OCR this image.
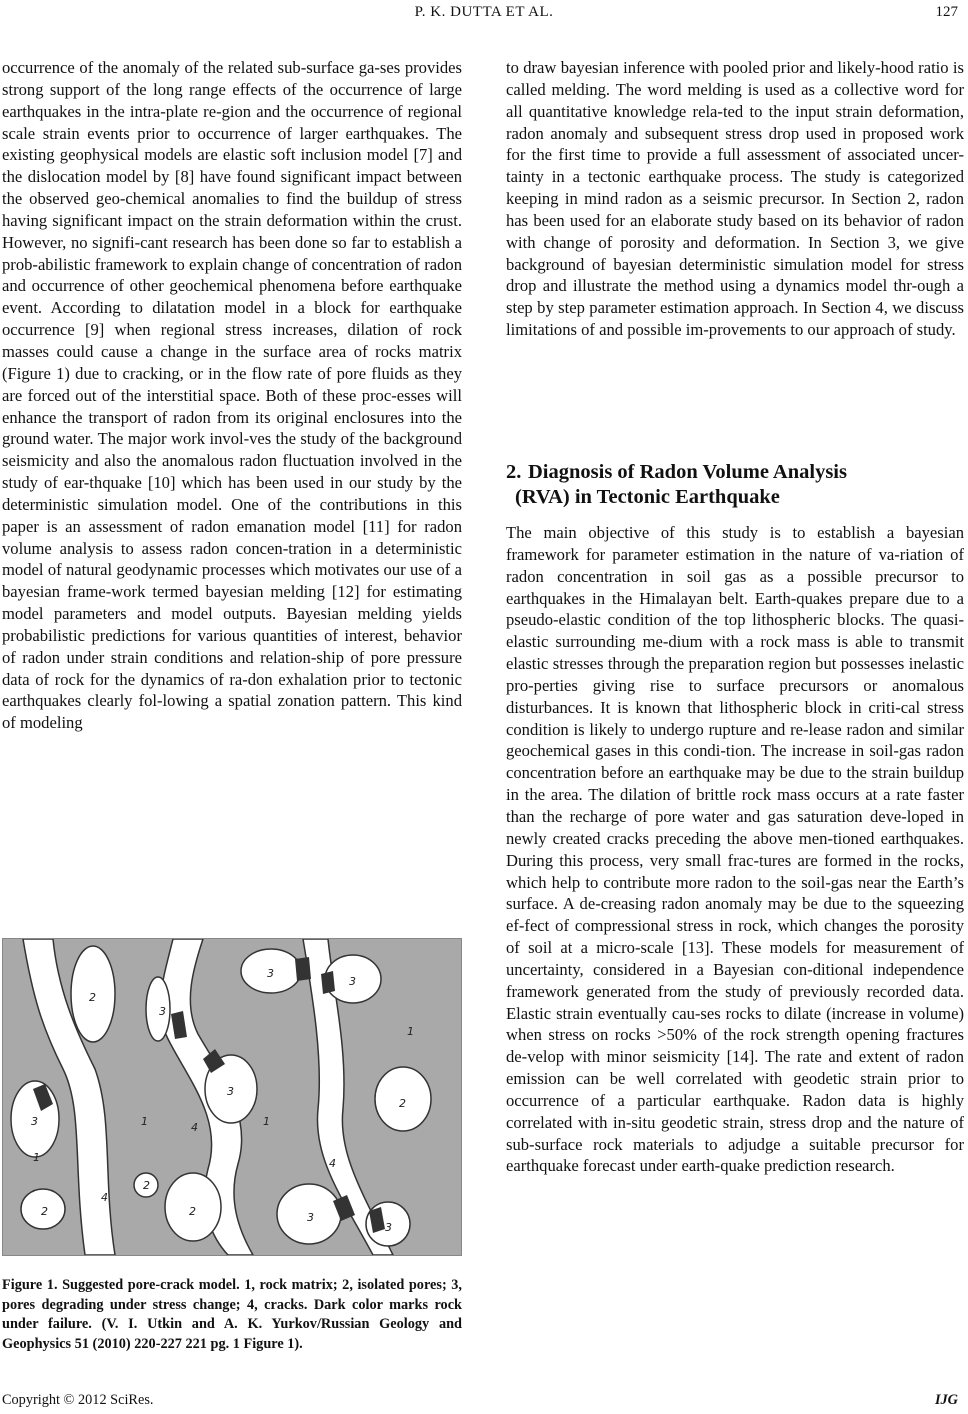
P. K. DUTTA ET AL.	127

occurrence of the anomaly of the related sub-surface ga-ses provides strong support of the long range effects of the occurrence of large earthquakes in the intra-plate re-gion and the occurrence of regional scale strain events prior to occurrence of larger earthquakes. The existing geophysical models are elastic soft inclusion model [7] and the dislocation model by [8] have found significant impact between the observed geo-chemical anomalies to find the buildup of stress having significant impact on the strain deformation within the crust. However, no signifi-cant research has been done so far to establish a prob-abilistic framework to explain change of concentration of radon and occurrence of other geochemical phenomena before earthquake event. According to dilatation model in a block for earthquake occurrence [9] when regional stress increases, dilation of rock masses could cause a change in the surface area of rocks matrix (Figure 1) due to cracking, or in the flow rate of pore fluids as they are forced out of the interstitial space. Both of these proc-esses will enhance the transport of radon from its original enclosures into the ground water. The major work invol-ves the study of the background seismicity and also the anomalous radon fluctuation involved in the study of ear-thquake [10] which has been used in our study by the deterministic simulation model. One of the contributions in this paper is an assessment of radon emanation model [11] for radon volume analysis to assess radon concen-tration in a deterministic model of natural geodynamic processes which motivates our use of a bayesian frame-work termed bayesian melding [12] for estimating model parameters and model outputs. Bayesian melding yields probabilistic predictions for various quantities of interest, behavior of radon under strain conditions and relation-ship of pore pressure data of rock for the dynamics of ra-don exhalation prior to tectonic earthquakes clearly fol-lowing a spatial zonation pattern. This kind of modeling

2
3
3
3
3
1
2
3	1	4	1
1
4
2
4
2	2	3
3
Figure 1. Suggested pore-crack model. 1, rock matrix; 2, isolated pores; 3, pores degrading under stress change; 4, cracks. Dark color marks rock under failure. (V. I. Utkin and A. K. Yurkov/Russian Geology and Geophysics 51 (2010) 220-227 221 pg. 1 Figure 1).

to draw bayesian inference with pooled prior and likely-hood ratio is called melding. The word melding is used as a collective word for all quantitative knowledge rela-ted to the input strain deformation, radon anomaly and subsequent stress drop used in proposed work for the first time to provide a full assessment of associated uncer-tainty in a tectonic earthquake process. The study is categorized keeping in mind radon as a seismic precursor. In Section 2, radon has been used for an elaborate study based on its behavior of radon with change of porosity and deformation. In Section 3, we give background of bayesian deterministic simulation model for stress drop and illustrate the method using a dynamics model thr-ough a step by step parameter estimation approach. In Section 4, we discuss limitations of and possible im-provements to our approach of study.

2. Diagnosis of Radon Volume Analysis
(RVA) in Tectonic Earthquake

The main objective of this study is to establish a bayesian framework for parameter estimation in the nature of va-riation of radon concentration in soil gas as a possible precursor to earthquakes in the Himalayan belt. Earth-quakes prepare due to a pseudo-elastic condition of the top lithospheric blocks. The quasi-elastic surrounding me-dium with a rock mass is able to transmit elastic stresses through the preparation region but possesses inelastic pro-perties giving rise to surface precursors or anomalous disturbances. It is known that lithospheric block in criti-cal stress condition is likely to undergo rupture and re-lease radon and similar geochemical gases in this condi-tion. The increase in soil-gas radon concentration before an earthquake may be due to the strain buildup in the area. The dilation of brittle rock mass occurs at a rate faster than the recharge of pore water and gas saturation deve-loped in newly created cracks preceding the above men-tioned earthquakes. During this process, very small frac-tures are formed in the rocks, which help to contribute more radon to the soil-gas near the Earth’s surface. A de-creasing radon anomaly may be due to the squeezing ef-fect of compressional stress in rock, which changes the porosity of soil at a micro-scale [13]. These models for measurement of uncertainty, considered in a Bayesian con-ditional independence framework generated from the study of previously recorded data. Elastic strain eventually cau-ses rocks to dilate (increase in volume) when stress on rocks >50% of the rock strength opening fractures de-velop with minor seismicity [14]. The rate and extent of radon emission can be well correlated with geodetic strain prior to occurrence of a particular earthquake. Radon data is highly correlated with in-situ geodetic strain, stress drop and the nature of sub-surface rock materials to adjudge a suitable precursor for earthquake forecast under earth-quake prediction research.

Copyright © 2012 SciRes.	IJG
